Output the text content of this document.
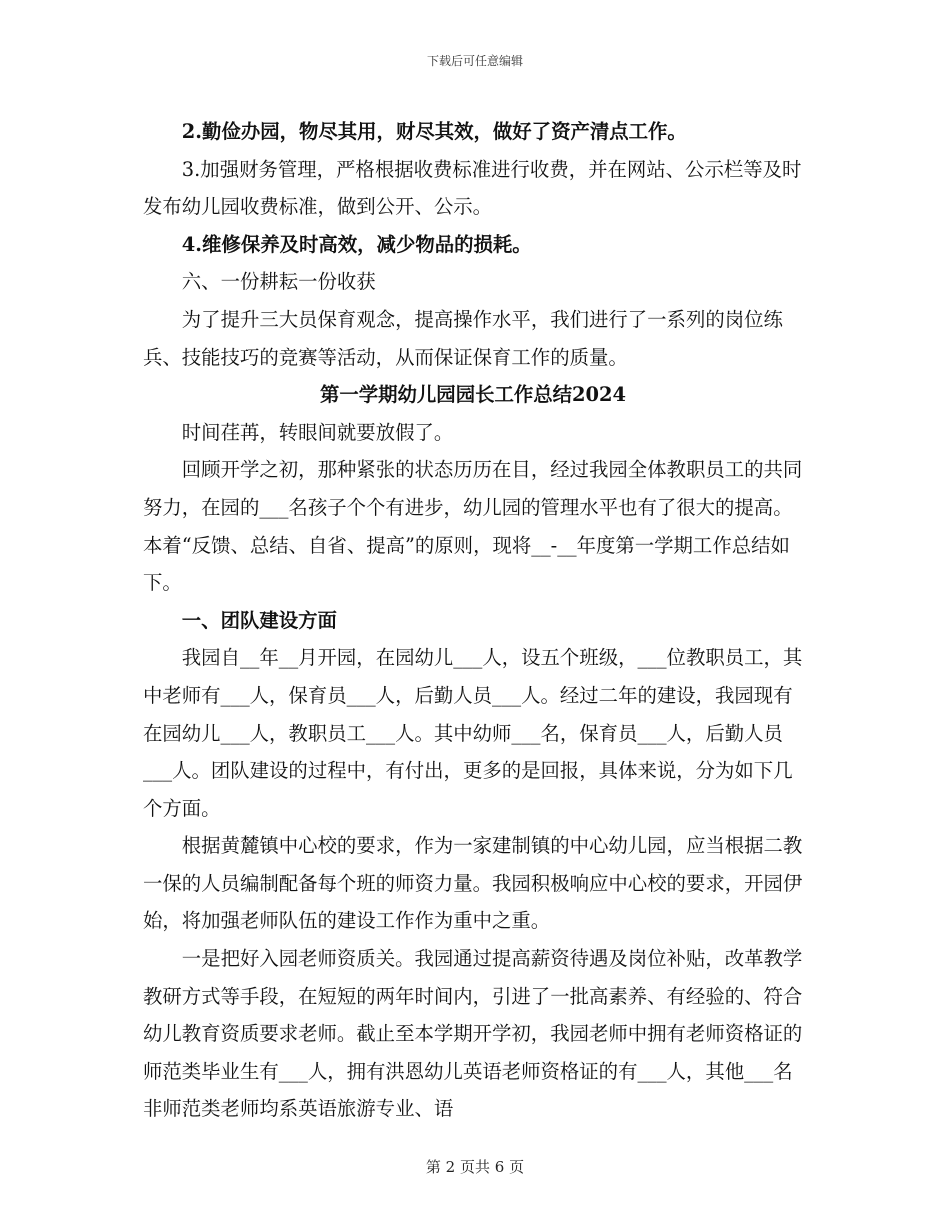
下载后可任意编辑

2.勤俭办园，物尽其用，财尽其效，做好了资产清点工作。

3.加强财务管理，严格根据收费标准进行收费，并在网站、公示栏等及时发布幼儿园收费标准，做到公开、公示。

4.维修保养及时高效，减少物品的损耗。

六、一份耕耘一份收获

为了提升三大员保育观念，提高操作水平，我们进行了一系列的岗位练兵、技能技巧的竞赛等活动，从而保证保育工作的质量。

第一学期幼儿园园长工作总结2024

时间荏苒，转眼间就要放假了。

回顾开学之初，那种紧张的状态历历在目，经过我园全体教职员工的共同努力，在园的___名孩子个个有进步，幼儿园的管理水平也有了很大的提高。本着“反馈、总结、自省、提高”的原则，现将__-__年度第一学期工作总结如下。

一、团队建设方面

我园自__年__月开园，在园幼儿___人，设五个班级，___位教职员工，其中老师有___人，保育员___人，后勤人员___人。经过二年的建设，我园现有在园幼儿___人，教职员工___人。其中幼师___名，保育员___人，后勤人员___人。团队建设的过程中，有付出，更多的是回报，具体来说，分为如下几个方面。

根据黄麓镇中心校的要求，作为一家建制镇的中心幼儿园，应当根据二教一保的人员编制配备每个班的师资力量。我园积极响应中心校的要求，开园伊始，将加强老师队伍的建设工作作为重中之重。

一是把好入园老师资质关。我园通过提高薪资待遇及岗位补贴，改革教学教研方式等手段，在短短的两年时间内，引进了一批高素养、有经验的、符合幼儿教育资质要求老师。截止至本学期开学初，我园老师中拥有老师资格证的师范类毕业生有___人，拥有洪恩幼儿英语老师资格证的有___人，其他___名非师范类老师均系英语旅游专业、语

第 2 页共 6 页
